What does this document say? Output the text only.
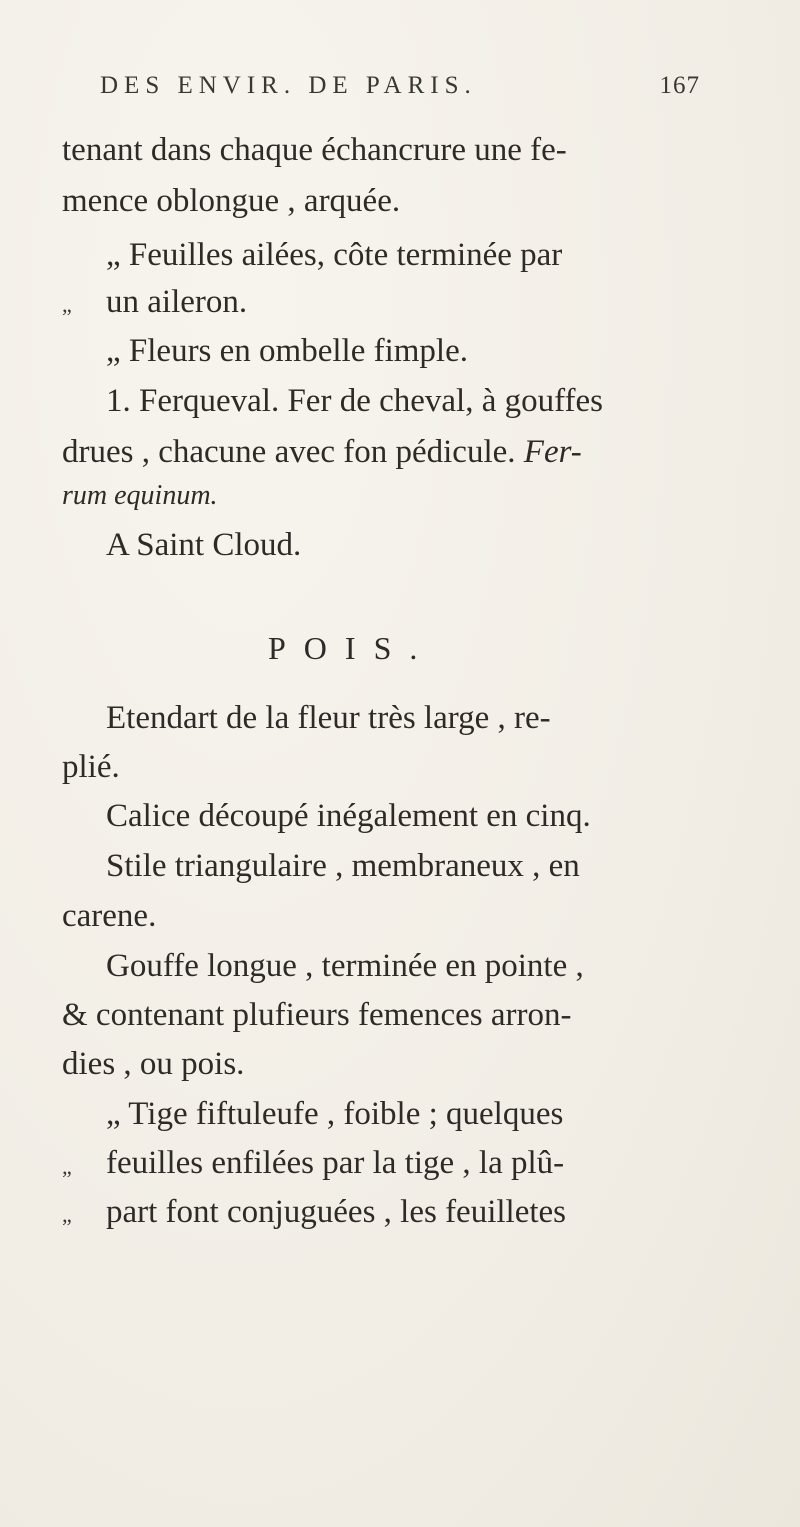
DES ENVIR. DE PARIS.	167
tenant dans chaque échancrure une fe-
mence oblongue , arquée.
„ Feuilles ailées, côte terminée par
„ un aileron.
„ Fleurs en ombelle fimple.
1. Ferqueval. Fer de cheval, à gouffes
drues , chacune avec fon pédicule. Fer-
rum equinum.
A Saint Cloud.
POIS.
Etendart de la fleur très large , re-
plié.
Calice découpé inégalement en cinq.
Stile triangulaire , membraneux , en
carene.
Gouffe longue , terminée en pointe ,
& contenant plufieurs femences arron-
dies , ou pois.
„ Tige fiftuleufe , foible ; quelques
„ feuilles enfilées par la tige , la plû-
„ part font conjuguées , les feuilletes
